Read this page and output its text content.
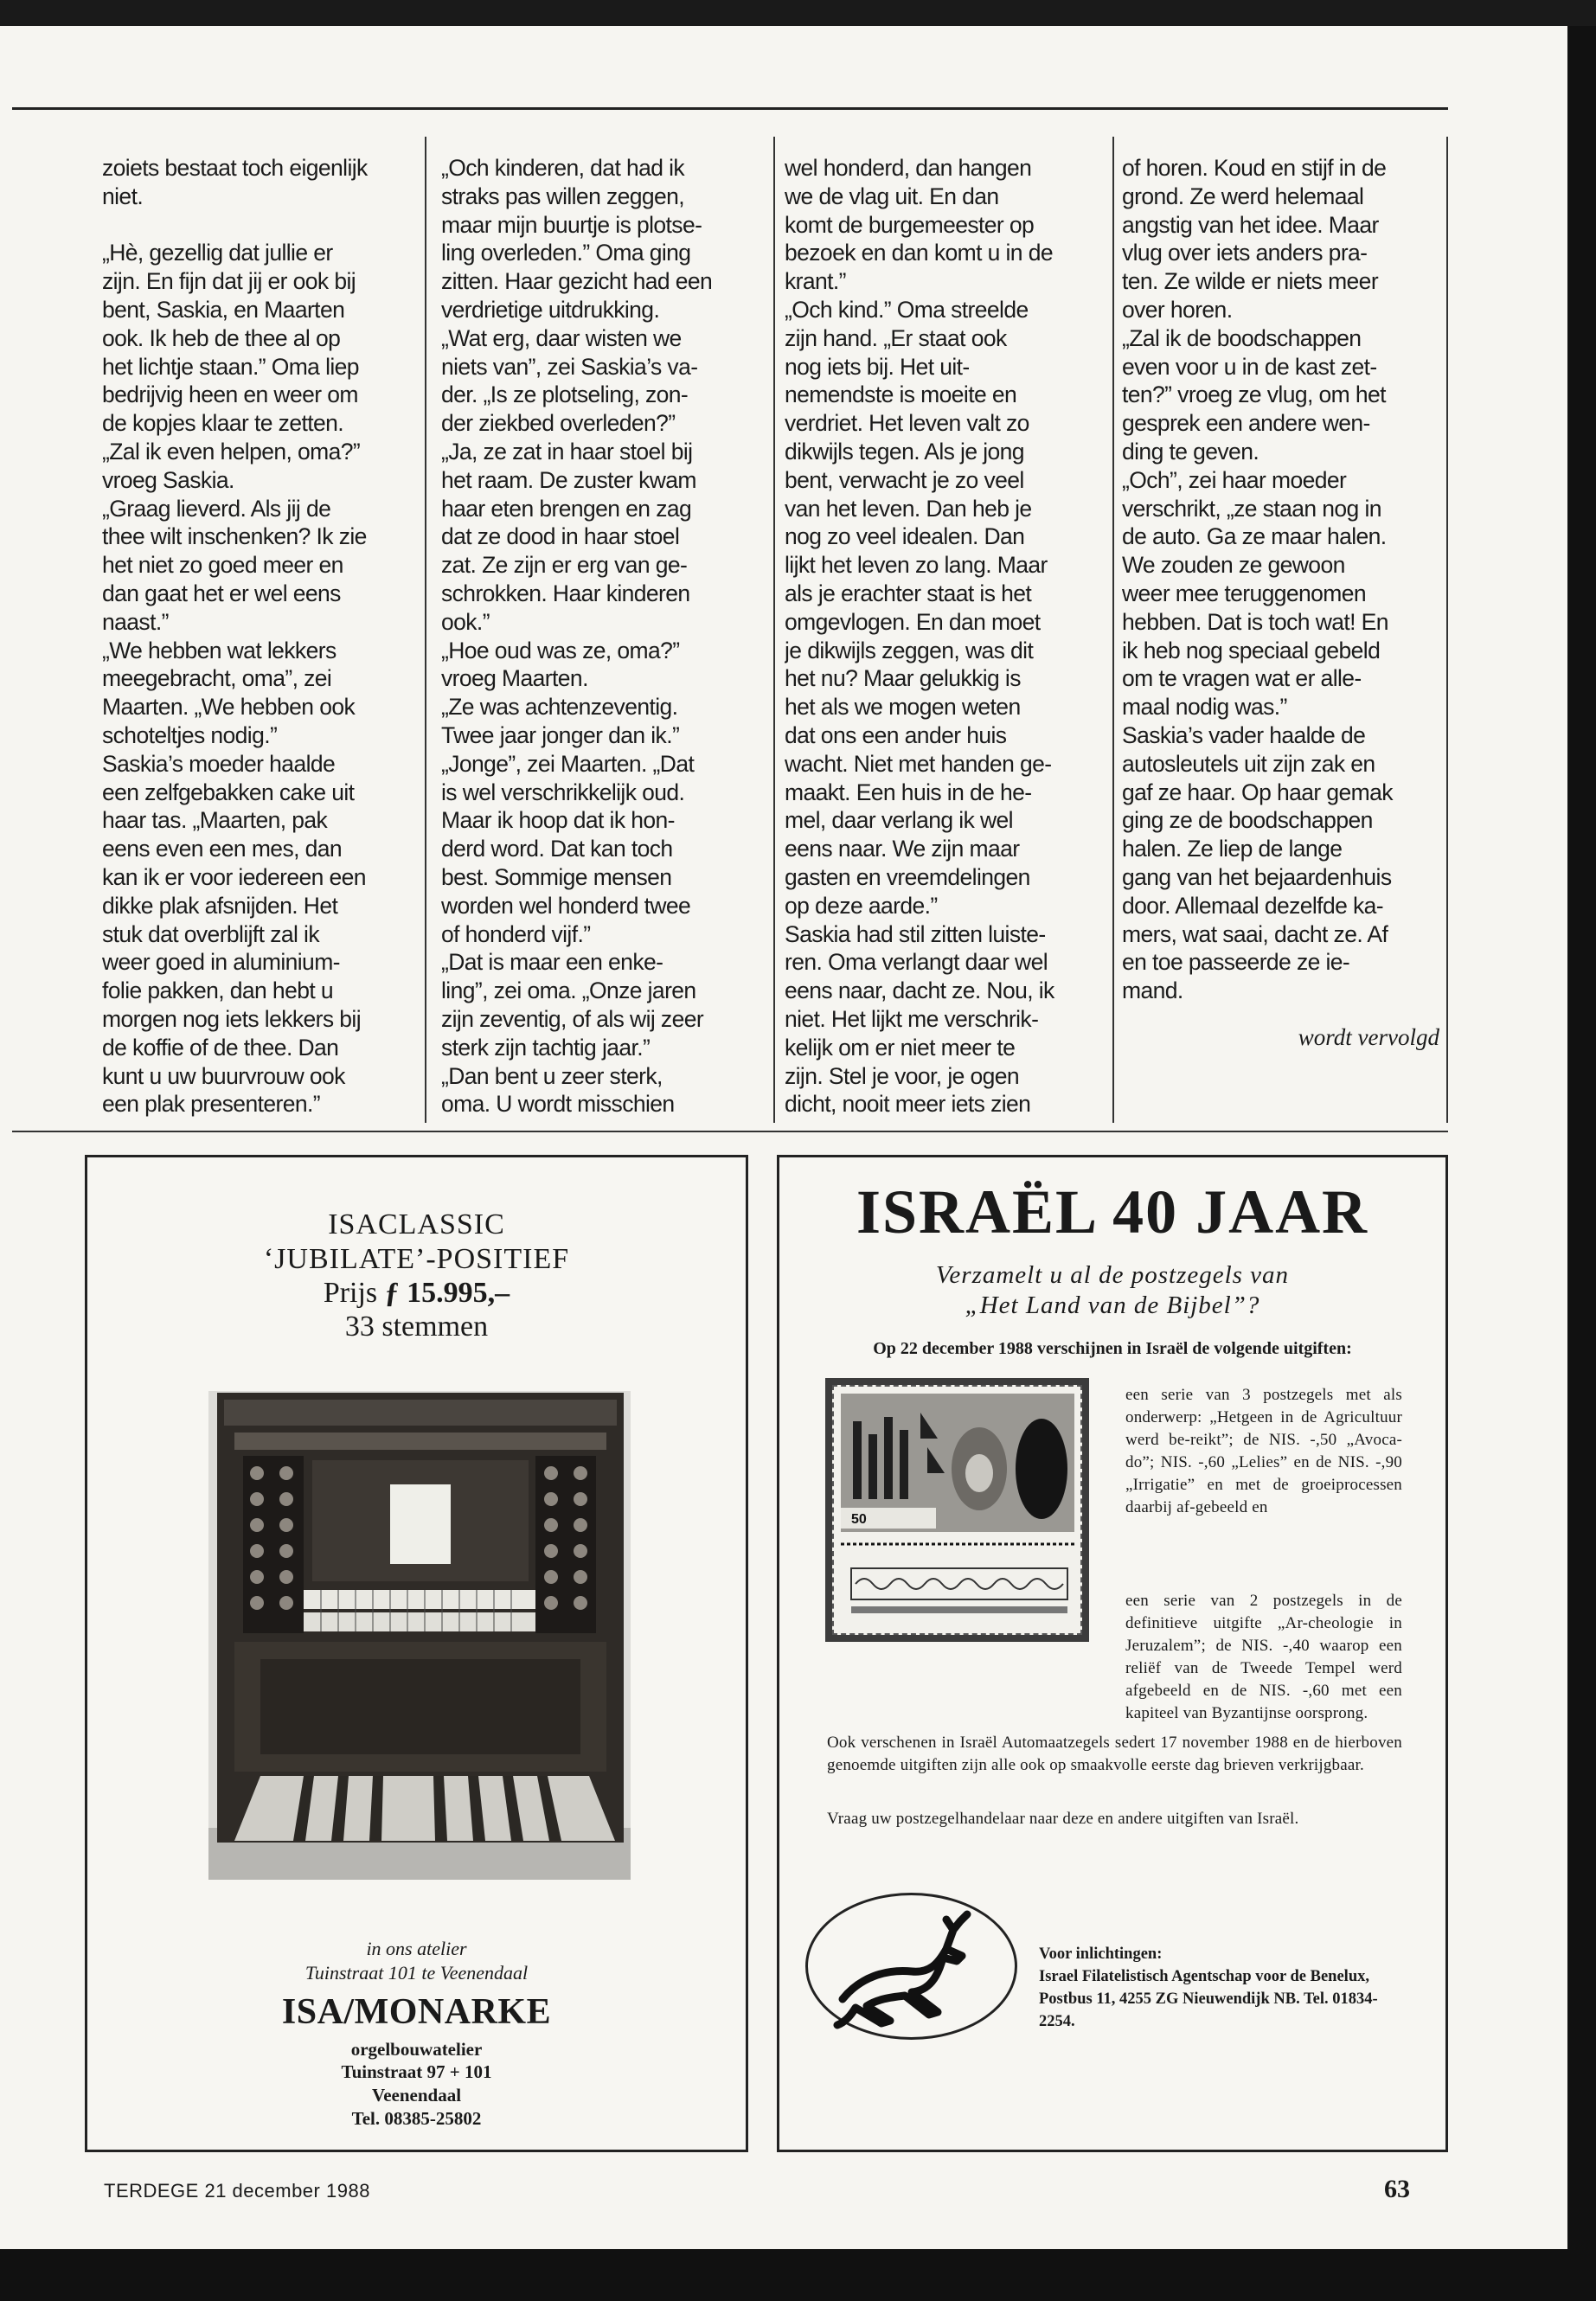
zoiets bestaat toch eigenlijk
niet.

„Hè, gezellig dat jullie er
zijn. En fijn dat jij er ook bij
bent, Saskia, en Maarten
ook. Ik heb de thee al op
het lichtje staan.” Oma liep
bedrijvig heen en weer om
de kopjes klaar te zetten.
„Zal ik even helpen, oma?”
vroeg Saskia.
„Graag lieverd. Als jij de
thee wilt inschenken? Ik zie
het niet zo goed meer en
dan gaat het er wel eens
naast.”
„We hebben wat lekkers
meegebracht, oma”, zei
Maarten. „We hebben ook
schoteltjes nodig.”
Saskia’s moeder haalde
een zelfgebakken cake uit
haar tas. „Maarten, pak
eens even een mes, dan
kan ik er voor iedereen een
dikke plak afsnijden. Het
stuk dat overblijft zal ik
weer goed in aluminium-
folie pakken, dan hebt u
morgen nog iets lekkers bij
de koffie of de thee. Dan
kunt u uw buurvrouw ook
een plak presenteren.”
„Och kinderen, dat had ik
straks pas willen zeggen,
maar mijn buurtje is plotse-
ling overleden.” Oma ging
zitten. Haar gezicht had een
verdrietige uitdrukking.
„Wat erg, daar wisten we
niets van”, zei Saskia’s va-
der. „Is ze plotseling, zon-
der ziekbed overleden?”
„Ja, ze zat in haar stoel bij
het raam. De zuster kwam
haar eten brengen en zag
dat ze dood in haar stoel
zat. Ze zijn er erg van ge-
schrokken. Haar kinderen
ook.”
„Hoe oud was ze, oma?”
vroeg Maarten.
„Ze was achtenzeventig.
Twee jaar jonger dan ik.”
„Jonge”, zei Maarten. „Dat
is wel verschrikkelijk oud.
Maar ik hoop dat ik hon-
derd word. Dat kan toch
best. Sommige mensen
worden wel honderd twee
of honderd vijf.”
„Dat is maar een enke-
ling”, zei oma. „Onze jaren
zijn zeventig, of als wij zeer
sterk zijn tachtig jaar.”
„Dan bent u zeer sterk,
oma. U wordt misschien
wel honderd, dan hangen
we de vlag uit. En dan
komt de burgemeester op
bezoek en dan komt u in de
krant.”
„Och kind.” Oma streelde
zijn hand. „Er staat ook
nog iets bij. Het uit-
nemendste is moeite en
verdriet. Het leven valt zo
dikwijls tegen. Als je jong
bent, verwacht je zo veel
van het leven. Dan heb je
nog zo veel idealen. Dan
lijkt het leven zo lang. Maar
als je erachter staat is het
omgevlogen. En dan moet
je dikwijls zeggen, was dit
het nu? Maar gelukkig is
het als we mogen weten
dat ons een ander huis
wacht. Niet met handen ge-
maakt. Een huis in de he-
mel, daar verlang ik wel
eens naar. We zijn maar
gasten en vreemdelingen
op deze aarde.”
Saskia had stil zitten luiste-
ren. Oma verlangt daar wel
eens naar, dacht ze. Nou, ik
niet. Het lijkt me verschrik-
kelijk om er niet meer te
zijn. Stel je voor, je ogen
dicht, nooit meer iets zien
of horen. Koud en stijf in de
grond. Ze werd helemaal
angstig van het idee. Maar
vlug over iets anders pra-
ten. Ze wilde er niets meer
over horen.
„Zal ik de boodschappen
even voor u in de kast zet-
ten?” vroeg ze vlug, om het
gesprek een andere wen-
ding te geven.
„Och”, zei haar moeder
verschrikt, „ze staan nog in
de auto. Ga ze maar halen.
We zouden ze gewoon
weer mee teruggenomen
hebben. Dat is toch wat! En
ik heb nog speciaal gebeld
om te vragen wat er alle-
maal nodig was.”
Saskia’s vader haalde de
autosleutels uit zijn zak en
gaf ze haar. Op haar gemak
ging ze de boodschappen
halen. Ze liep de lange
gang van het bejaardenhuis
door. Allemaal dezelfde ka-
mers, wat saai, dacht ze. Af
en toe passeerde ze ie-
mand.
wordt vervolgd
ISACLASSIC
‘JUBILATE’-POSITIEF
Prijs ƒ 15.995,–
33 stemmen
in ons atelier
Tuinstraat 101 te Veenendaal
ISA/MONARKE
orgelbouwatelier
Tuinstraat 97 + 101
Veenendaal
Tel. 08385-25802
ISRAËL 40 JAAR
Verzamelt u al de postzegels van
„Het Land van de Bijbel”?
Op 22 december 1988 verschijnen in Israël de volgende uitgiften:
50
een serie van 3 postzegels met als onderwerp: „Hetgeen in de Agricultuur werd be-reikt”; de NIS. -,50 „Avoca-do”; NIS. -,60 „Lelies” en de NIS. -,90 „Irrigatie” en met de groeiprocessen daarbij af-gebeeld en
een serie van 2 postzegels in de definitieve uitgifte „Ar-cheologie in Jeruzalem”; de NIS. -,40 waarop een reliëf van de Tweede Tempel werd afgebeeld en de NIS. -,60 met een kapiteel van Byzantijnse oorsprong.
Ook verschenen in Israël Automaatzegels sedert 17 november 1988 en de hierboven genoemde uitgiften zijn alle ook op smaakvolle eerste dag brieven verkrijgbaar.
Vraag uw postzegelhandelaar naar deze en andere uitgiften van Israël.
Voor inlichtingen:
Israel Filatelistisch Agentschap voor de Benelux, Postbus 11, 4255 ZG Nieuwendijk NB. Tel. 01834- 2254.
TERDEGE 21 december 1988	63
